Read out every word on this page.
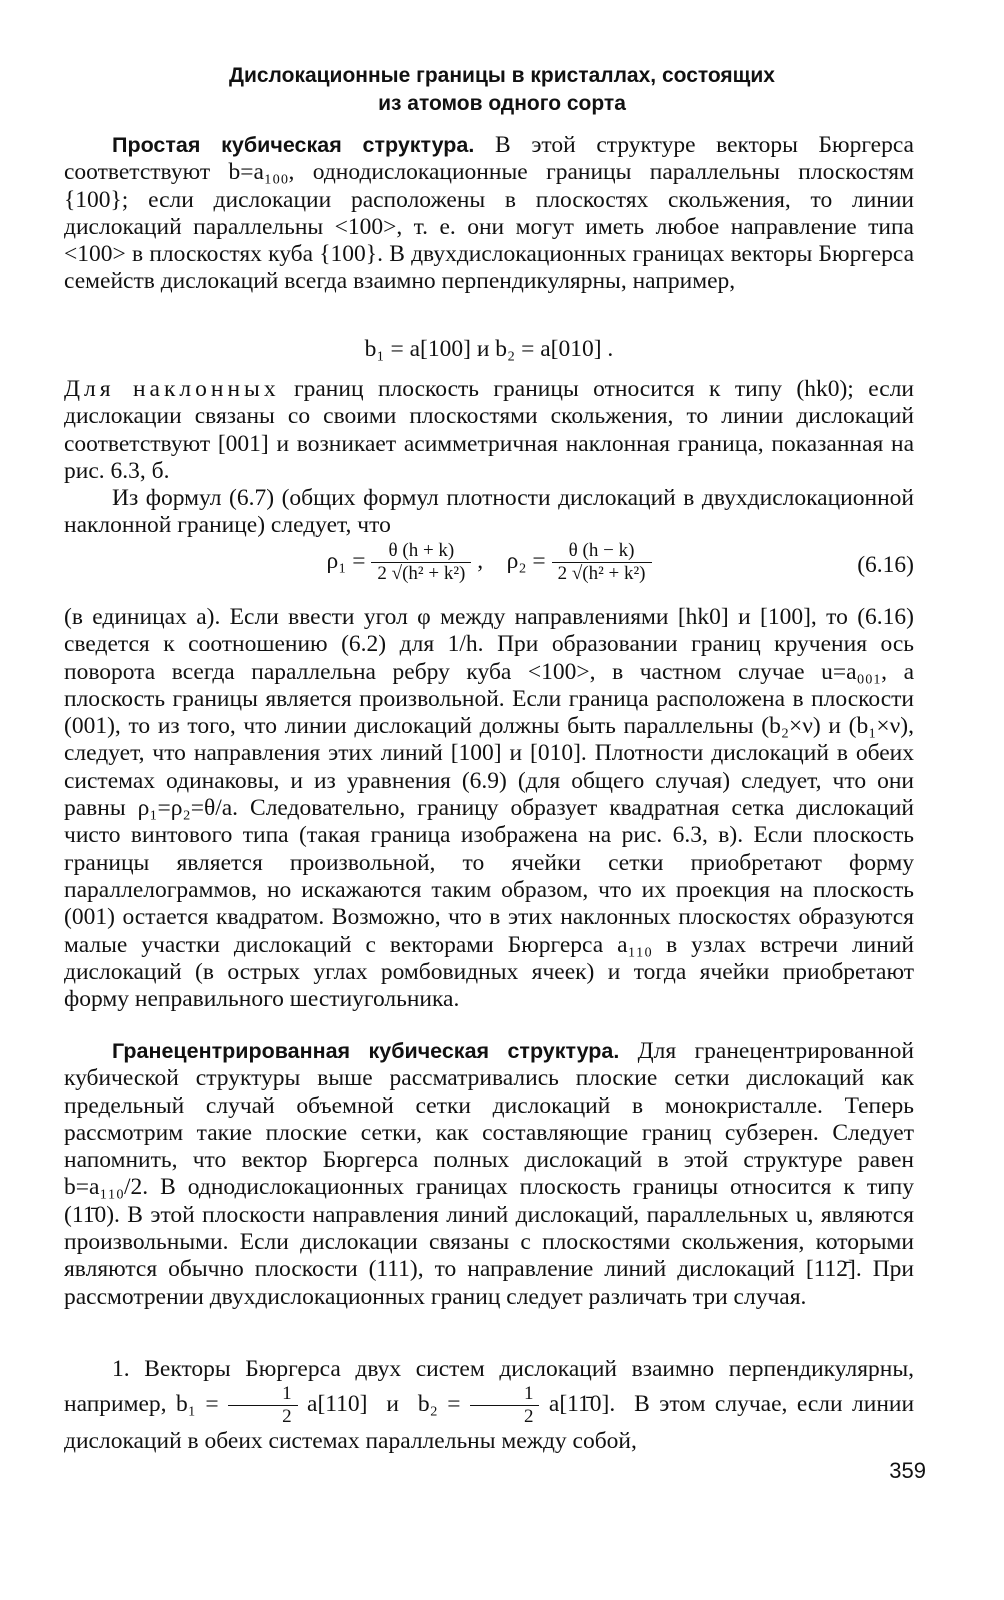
Дислокационные границы в кристаллах, состоящих
из атомов одного сорта

Простая кубическая структура. В этой структуре векторы Бюргерса соответствуют b=a₁₀₀, однодислокационные границы параллельны плоскостям {100}; если дислокации расположены в плоскостях скольжения, то линии дислокаций параллельны <100>, т. е. они могут иметь любое направление типа <100> в плоскостях куба {100}. В двухдислокационных границах векторы Бюргерса семейств дислокаций всегда взаимно перпендикулярны, например,

b₁ = a[100] и b₂ = a[010] .

Для наклонных границ плоскость границы относится к типу (hk0); если дислокации связаны со своими плоскостями скольжения, то линии дислокаций соответствуют [001] и возникает асимметричная наклонная граница, показанная на рис. 6.3, б.

Из формул (6.7) (общих формул плотности дислокаций в двухдислокационной наклонной границе) следует, что

$\rho_1 = \frac{\theta (h + k)}{\text{2 √(h² + k²)}}$ ,    $\rho_2 = \frac{\theta (h - k)}{\text{2 √(h² + k²)}}$	(6.16)

(в единицах a). Если ввести угол φ между направлениями [hk0] и [100], то (6.16) сведется к соотношению (6.2) для 1/h. При образовании границ кручения ось поворота всегда параллельна ребру куба <100>, в частном случае u=a₀₀₁, а плоскость границы является произвольной. Если граница расположена в плоскости (001), то из того, что линии дислокаций должны быть параллельны (b₂×ν) и (b₁×ν), следует, что направления этих линий [100] и [010]. Плотности дислокаций в обеих системах одинаковы, и из уравнения (6.9) (для общего случая) следует, что они равны ρ₁=ρ₂=θ/a. Следовательно, границу образует квадратная сетка дислокаций чисто винтового типа (такая граница изображена на рис. 6.3, в). Если плоскость границы является произвольной, то ячейки сетки приобретают форму параллелограммов, но искажаются таким образом, что их проекция на плоскость (001) остается квадратом. Возможно, что в этих наклонных плоскостях образуются малые участки дислокаций с векторами Бюргерса a₁₁₀ в узлах встречи линий дислокаций (в острых углах ромбовидных ячеек) и тогда ячейки приобретают форму неправильного шестиугольника.

Гранецентрированная кубическая структура. Для гранецентрированной кубической структуры выше рассматривались плоские сетки дислокаций как предельный случай объемной сетки дислокаций в монокристалле. Теперь рассмотрим такие плоские сетки, как составляющие границ субзерен. Следует напомнить, что вектор Бюргерса полных дислокаций в этой структуре равен b=a₁₁₀/2. В однодислокационных границах плоскость границы относится к типу (11̄0). В этой плоскости направления линий дислокаций, параллельных u, являются произвольными. Если дислокации связаны с плоскостями скольжения, которыми являются обычно плоскости (111), то направление линий дислокаций [112̄]. При рассмотрении двухдислокационных границ следует различать три случая.

1. Векторы Бюргерса двух систем дислокаций взаимно перпендикулярны, например, $b_1 = \frac{1}{2} a[110]$ и $b_2 = \frac{1}{2}$ a[11̄0]. В этом случае, если линии дислокаций в обеих системах параллельны между собой,

359
